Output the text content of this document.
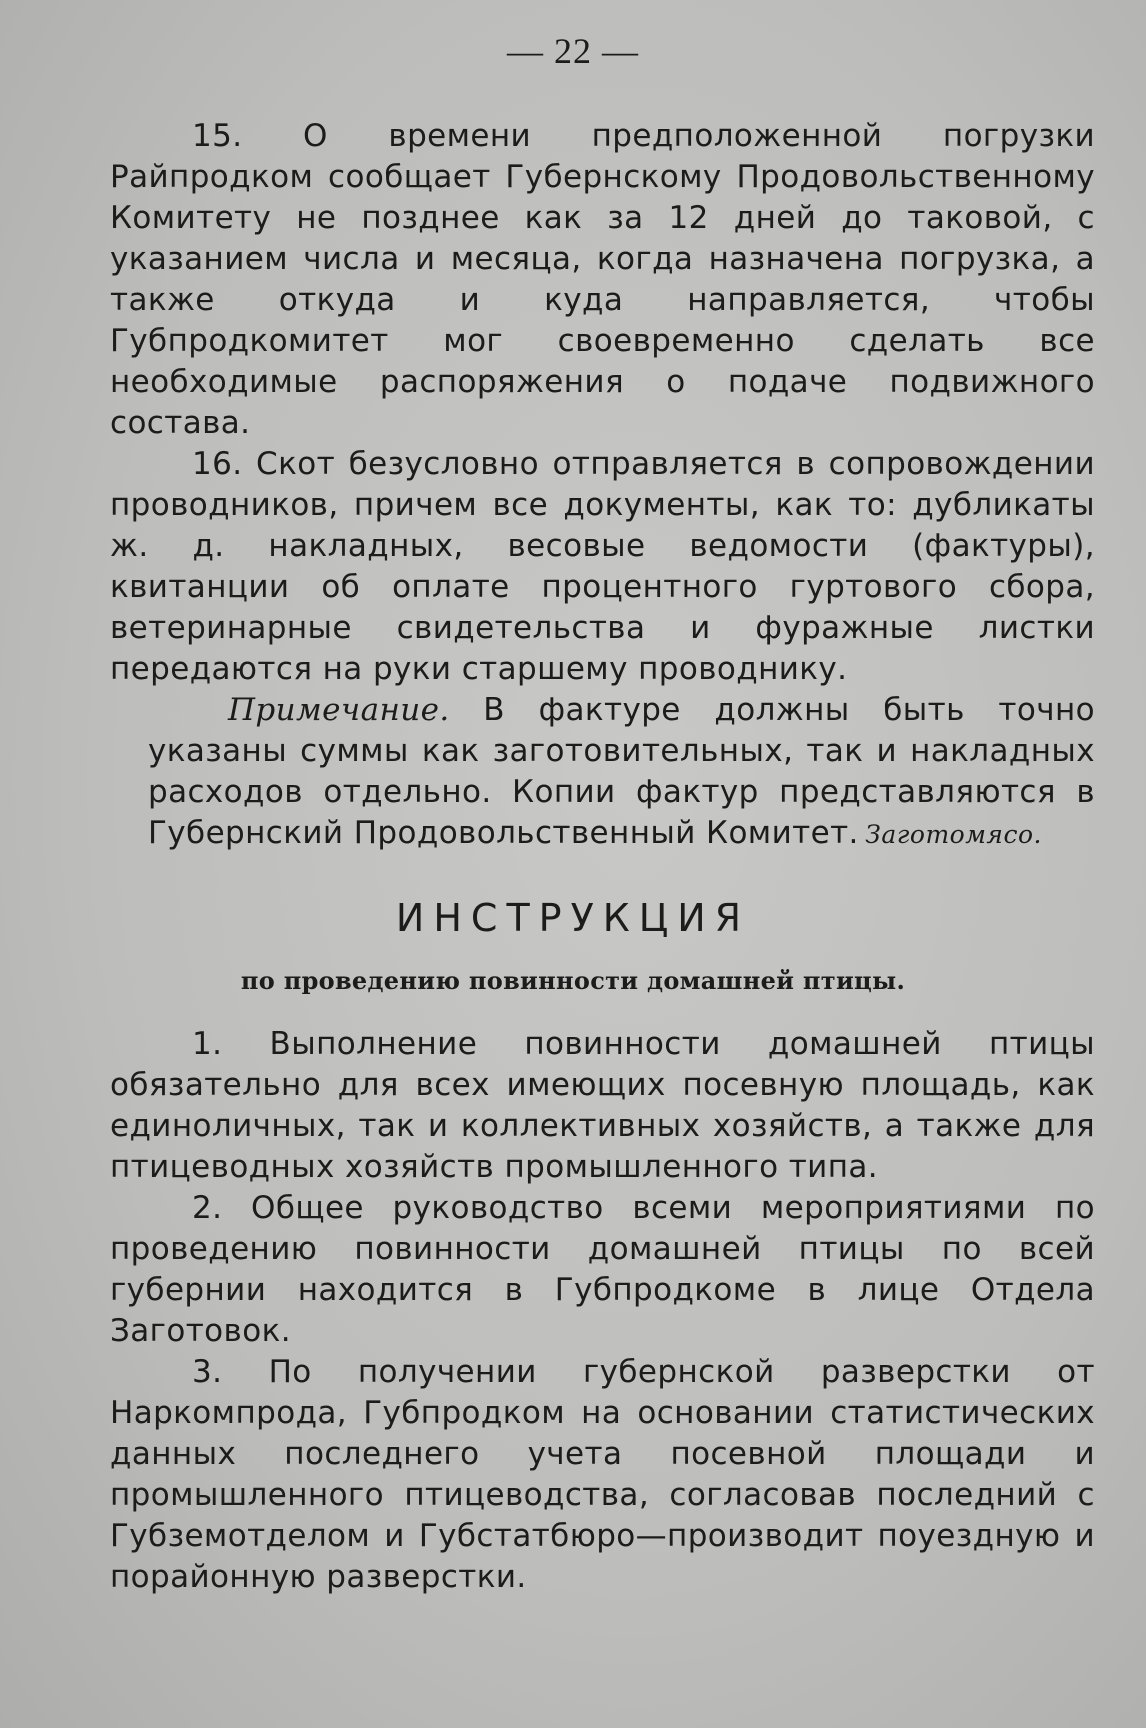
— 22 —

15. О времени предположенной погрузки Райпродком сообщает Губернскому Продовольственному Комитету не позднее как за 12 дней до таковой, с указанием числа и месяца, когда назначена погрузка, а также откуда и куда направляется, чтобы Губпродкомитет мог своевременно сделать все необходимые распоряжения о подаче подвижного состава.

16. Скот безусловно отправляется в сопровождении проводников, причем все документы, как то: дубликаты ж. д. накладных, весовые ведомости (фактуры), квитанции об оплате процентного гуртового сбора, ветеринарные свидетельства и фуражные листки передаются на руки старшему проводнику.

Примечание. В фактуре должны быть точно указаны суммы как заготовительных, так и накладных расходов отдельно. Копии фактур представляются в Губернский Продовольственный Комитет. Заготомясо.
ИНСТРУКЦИЯ
по проведению повинности домашней птицы.

1. Выполнение повинности домашней птицы обязательно для всех имеющих посевную площадь, как единоличных, так и коллективных хозяйств, а также для птицеводных хозяйств промышленного типа.

2. Общее руководство всеми мероприятиями по проведению повинности домашней птицы по всей губернии находится в Губпродкоме в лице Отдела Заготовок.

3. По получении губернской разверстки от Наркомпрода, Губпродком на основании статистических данных последнего учета посевной площади и промышленного птицеводства, согласовав последний с Губземотделом и Губстатбюро—производит поуездную и порайонную разверстки.
